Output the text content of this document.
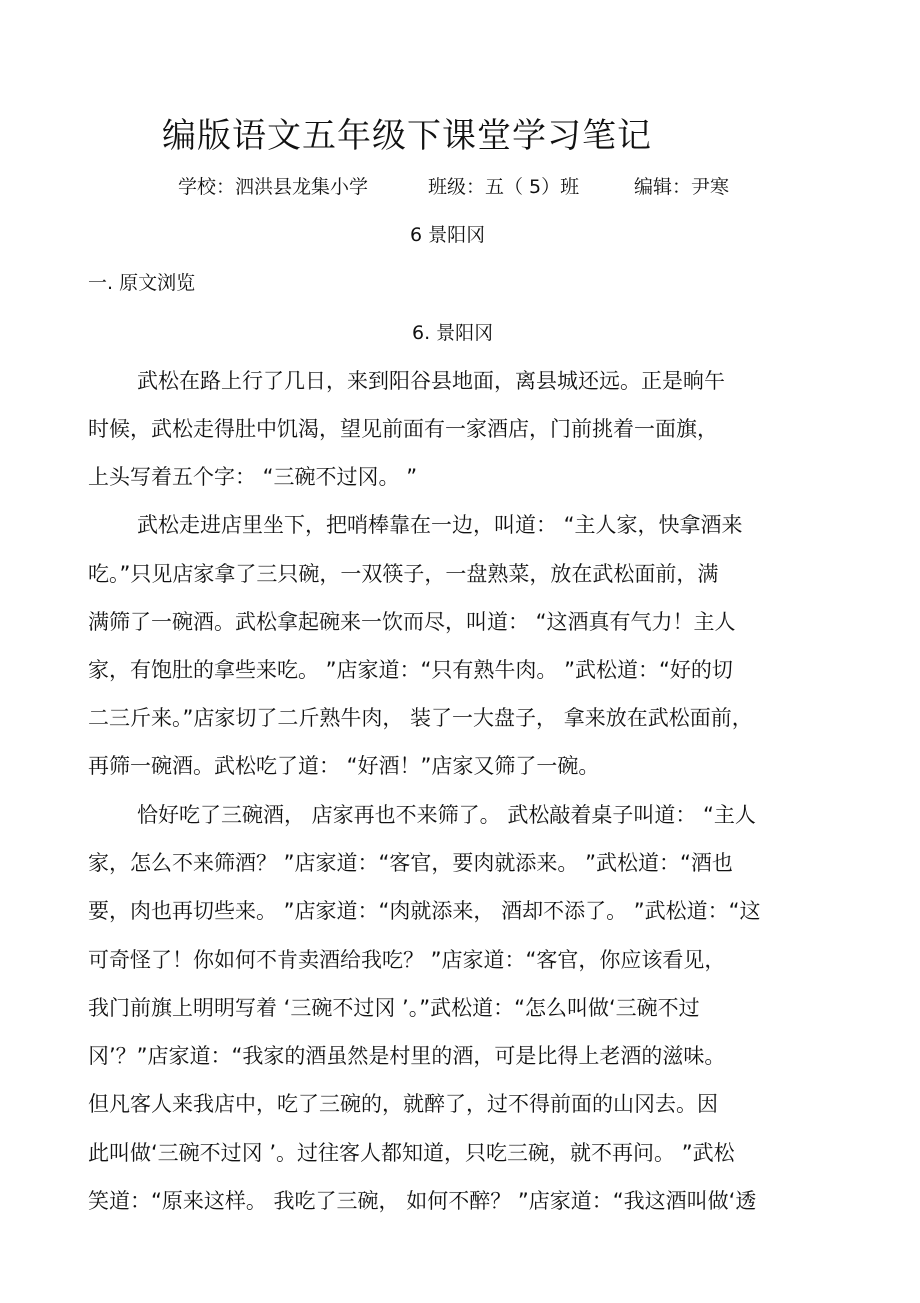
编版语文五年级下课堂学习笔记
学校：泗洪县龙集小学	班级：五（ 5）班	编辑：尹寒
6 景阳冈
一. 原文浏览
6. 景阳冈
武松在路上行了几日，来到阳谷县地面，离县城还远。正是晌午
时候，武松走得肚中饥渴，望见前面有一家酒店，门前挑着一面旗，
上头写着五个字： “三碗不过冈。 ”
武松走进店里坐下，把哨棒靠在一边，叫道： “主人家，快拿酒来
吃。”只见店家拿了三只碗，一双筷子，一盘熟菜，放在武松面前，满
满筛了一碗酒。武松拿起碗来一饮而尽，叫道： “这酒真有气力！主人
家，有饱肚的拿些来吃。 ”店家道：“只有熟牛肉。 ”武松道：“好的切
二三斤来。”店家切了二斤熟牛肉， 装了一大盘子， 拿来放在武松面前，
再筛一碗酒。武松吃了道： “好酒！”店家又筛了一碗。
恰好吃了三碗酒， 店家再也不来筛了。 武松敲着桌子叫道： “主人
家，怎么不来筛酒？ ”店家道：“客官，要肉就添来。 ”武松道：“酒也
要，肉也再切些来。 ”店家道：“肉就添来， 酒却不添了。 ”武松道：“这
可奇怪了！你如何不肯卖酒给我吃？ ”店家道：“客官，你应该看见，
我门前旗上明明写着 ‘三碗不过冈 ’。”武松道：“怎么叫做‘三碗不过
冈’？”店家道：“我家的酒虽然是村里的酒，可是比得上老酒的滋味。
但凡客人来我店中，吃了三碗的，就醉了，过不得前面的山冈去。因
此叫做‘三碗不过冈 ’。过往客人都知道，只吃三碗，就不再问。 ”武松
笑道：“原来这样。 我吃了三碗， 如何不醉？ ”店家道：“我这酒叫做‘透
